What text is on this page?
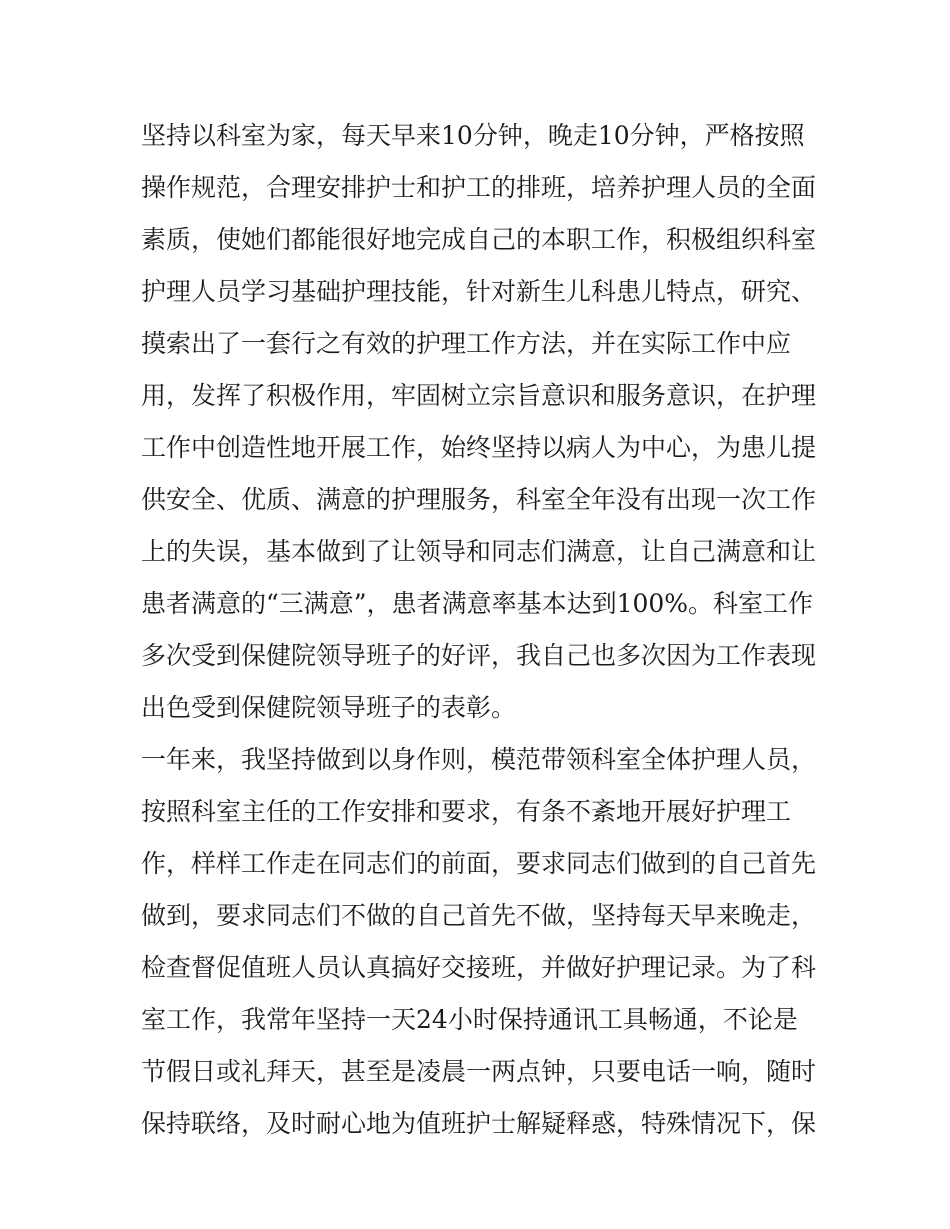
坚持以科室为家，每天早来10分钟，晚走10分钟，严格按照
操作规范，合理安排护士和护工的排班，培养护理人员的全面
素质，使她们都能很好地完成自己的本职工作，积极组织科室
护理人员学习基础护理技能，针对新生儿科患儿特点，研究、
摸索出了一套行之有效的护理工作方法，并在实际工作中应
用，发挥了积极作用，牢固树立宗旨意识和服务意识，在护理
工作中创造性地开展工作，始终坚持以病人为中心，为患儿提
供安全、优质、满意的护理服务，科室全年没有出现一次工作
上的失误，基本做到了让领导和同志们满意，让自己满意和让
患者满意的“三满意”，患者满意率基本达到100%。科室工作
多次受到保健院领导班子的好评，我自己也多次因为工作表现
出色受到保健院领导班子的表彰。
一年来，我坚持做到以身作则，模范带领科室全体护理人员，
按照科室主任的工作安排和要求，有条不紊地开展好护理工
作，样样工作走在同志们的前面，要求同志们做到的自己首先
做到，要求同志们不做的自己首先不做，坚持每天早来晚走，
检查督促值班人员认真搞好交接班，并做好护理记录。为了科
室工作，我常年坚持一天24小时保持通讯工具畅通，不论是
节假日或礼拜天，甚至是凌晨一两点钟，只要电话一响，随时
保持联络，及时耐心地为值班护士解疑释惑，特殊情况下，保
